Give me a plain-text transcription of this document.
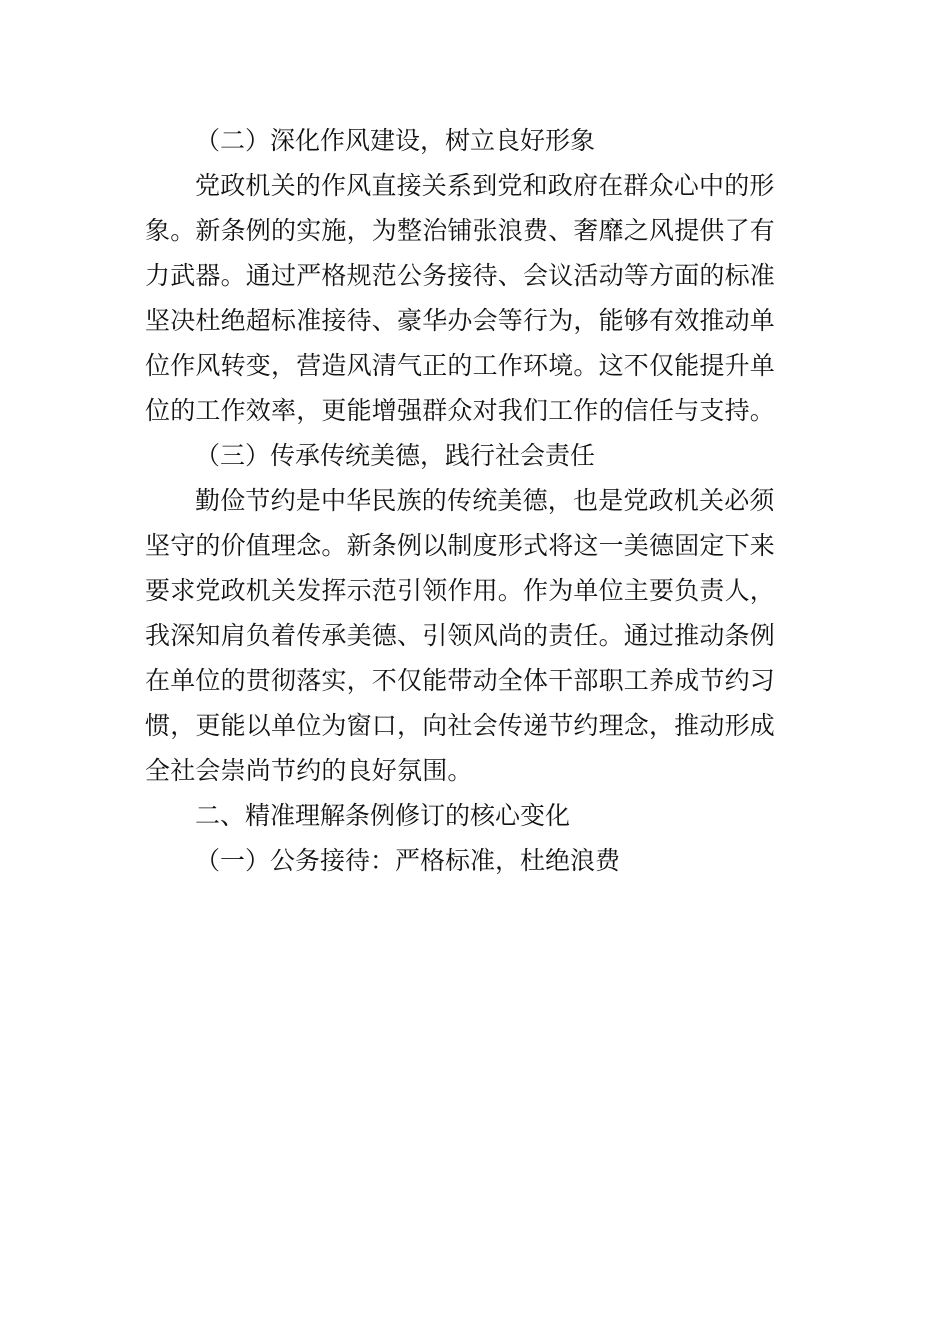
（二）深化作风建设，树立良好形象
党政机关的作风直接关系到党和政府在群众心中的形
象。新条例的实施，为整治铺张浪费、奢靡之风提供了有
力武器。通过严格规范公务接待、会议活动等方面的标准
坚决杜绝超标准接待、豪华办会等行为，能够有效推动单
位作风转变，营造风清气正的工作环境。这不仅能提升单
位的工作效率，更能增强群众对我们工作的信任与支持。
（三）传承传统美德，践行社会责任
勤俭节约是中华民族的传统美德，也是党政机关必须
坚守的价值理念。新条例以制度形式将这一美德固定下来
要求党政机关发挥示范引领作用。作为单位主要负责人，
我深知肩负着传承美德、引领风尚的责任。通过推动条例
在单位的贯彻落实，不仅能带动全体干部职工养成节约习
惯，更能以单位为窗口，向社会传递节约理念，推动形成
全社会崇尚节约的良好氛围。
二、精准理解条例修订的核心变化
（一）公务接待：严格标准，杜绝浪费
